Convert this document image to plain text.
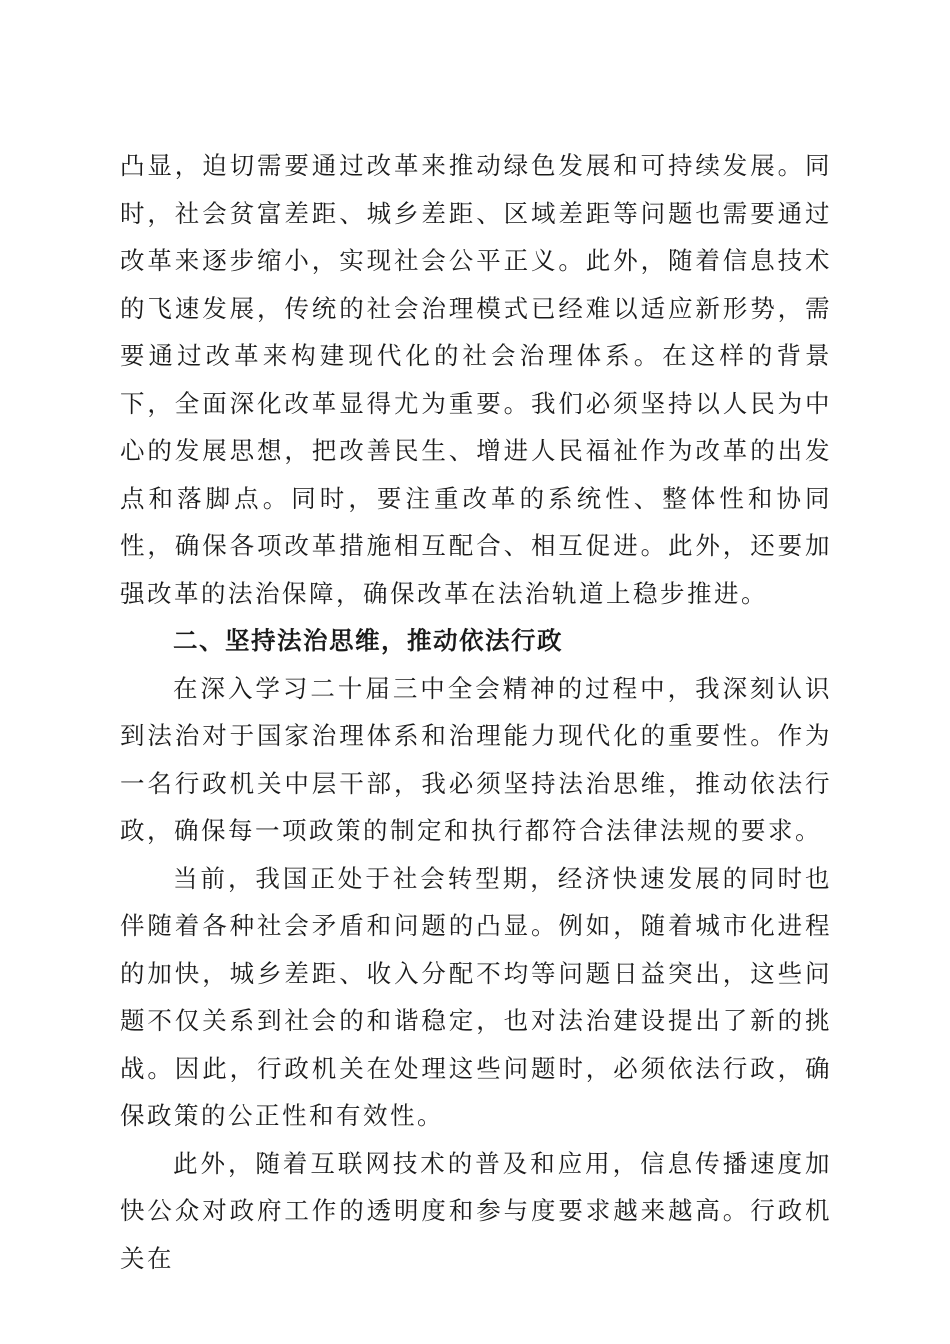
凸显，迫切需要通过改革来推动绿色发展和可持续发展。同时，社会贫富差距、城乡差距、区域差距等问题也需要通过改革来逐步缩小，实现社会公平正义。此外，随着信息技术的飞速发展，传统的社会治理模式已经难以适应新形势，需要通过改革来构建现代化的社会治理体系。在这样的背景下，全面深化改革显得尤为重要。我们必须坚持以人民为中心的发展思想，把改善民生、增进人民福祉作为改革的出发点和落脚点。同时，要注重改革的系统性、整体性和协同性，确保各项改革措施相互配合、相互促进。此外，还要加强改革的法治保障，确保改革在法治轨道上稳步推进。

二、坚持法治思维，推动依法行政

在深入学习二十届三中全会精神的过程中，我深刻认识到法治对于国家治理体系和治理能力现代化的重要性。作为一名行政机关中层干部，我必须坚持法治思维，推动依法行政，确保每一项政策的制定和执行都符合法律法规的要求。

当前，我国正处于社会转型期，经济快速发展的同时也伴随着各种社会矛盾和问题的凸显。例如，随着城市化进程的加快，城乡差距、收入分配不均等问题日益突出，这些问题不仅关系到社会的和谐稳定，也对法治建设提出了新的挑战。因此，行政机关在处理这些问题时，必须依法行政，确保政策的公正性和有效性。

此外，随着互联网技术的普及和应用，信息传播速度加快公众对政府工作的透明度和参与度要求越来越高。行政机关在
